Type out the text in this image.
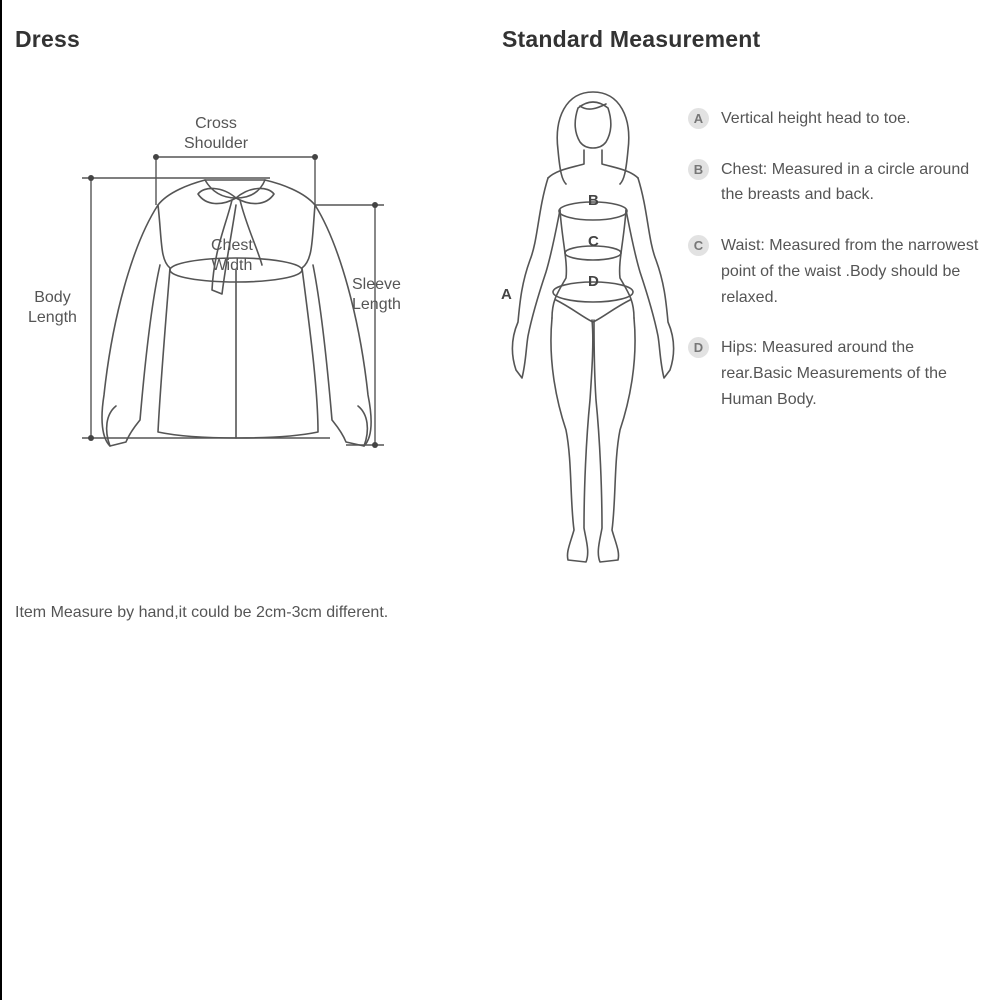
Dress	Standard Measurement
Cross
Shoulder
Chest
Width
Body
Length
Sleeve
Length
A
B
C
D
A	Vertical height head to toe.
B	Chest: Measured in a circle around the breasts and back.
C	Waist: Measured from the narrowest point of the waist .Body should be relaxed.
D	Hips: Measured around the rear.Basic Measurements of the Human Body.
Item Measure by hand,it could be 2cm-3cm different.
